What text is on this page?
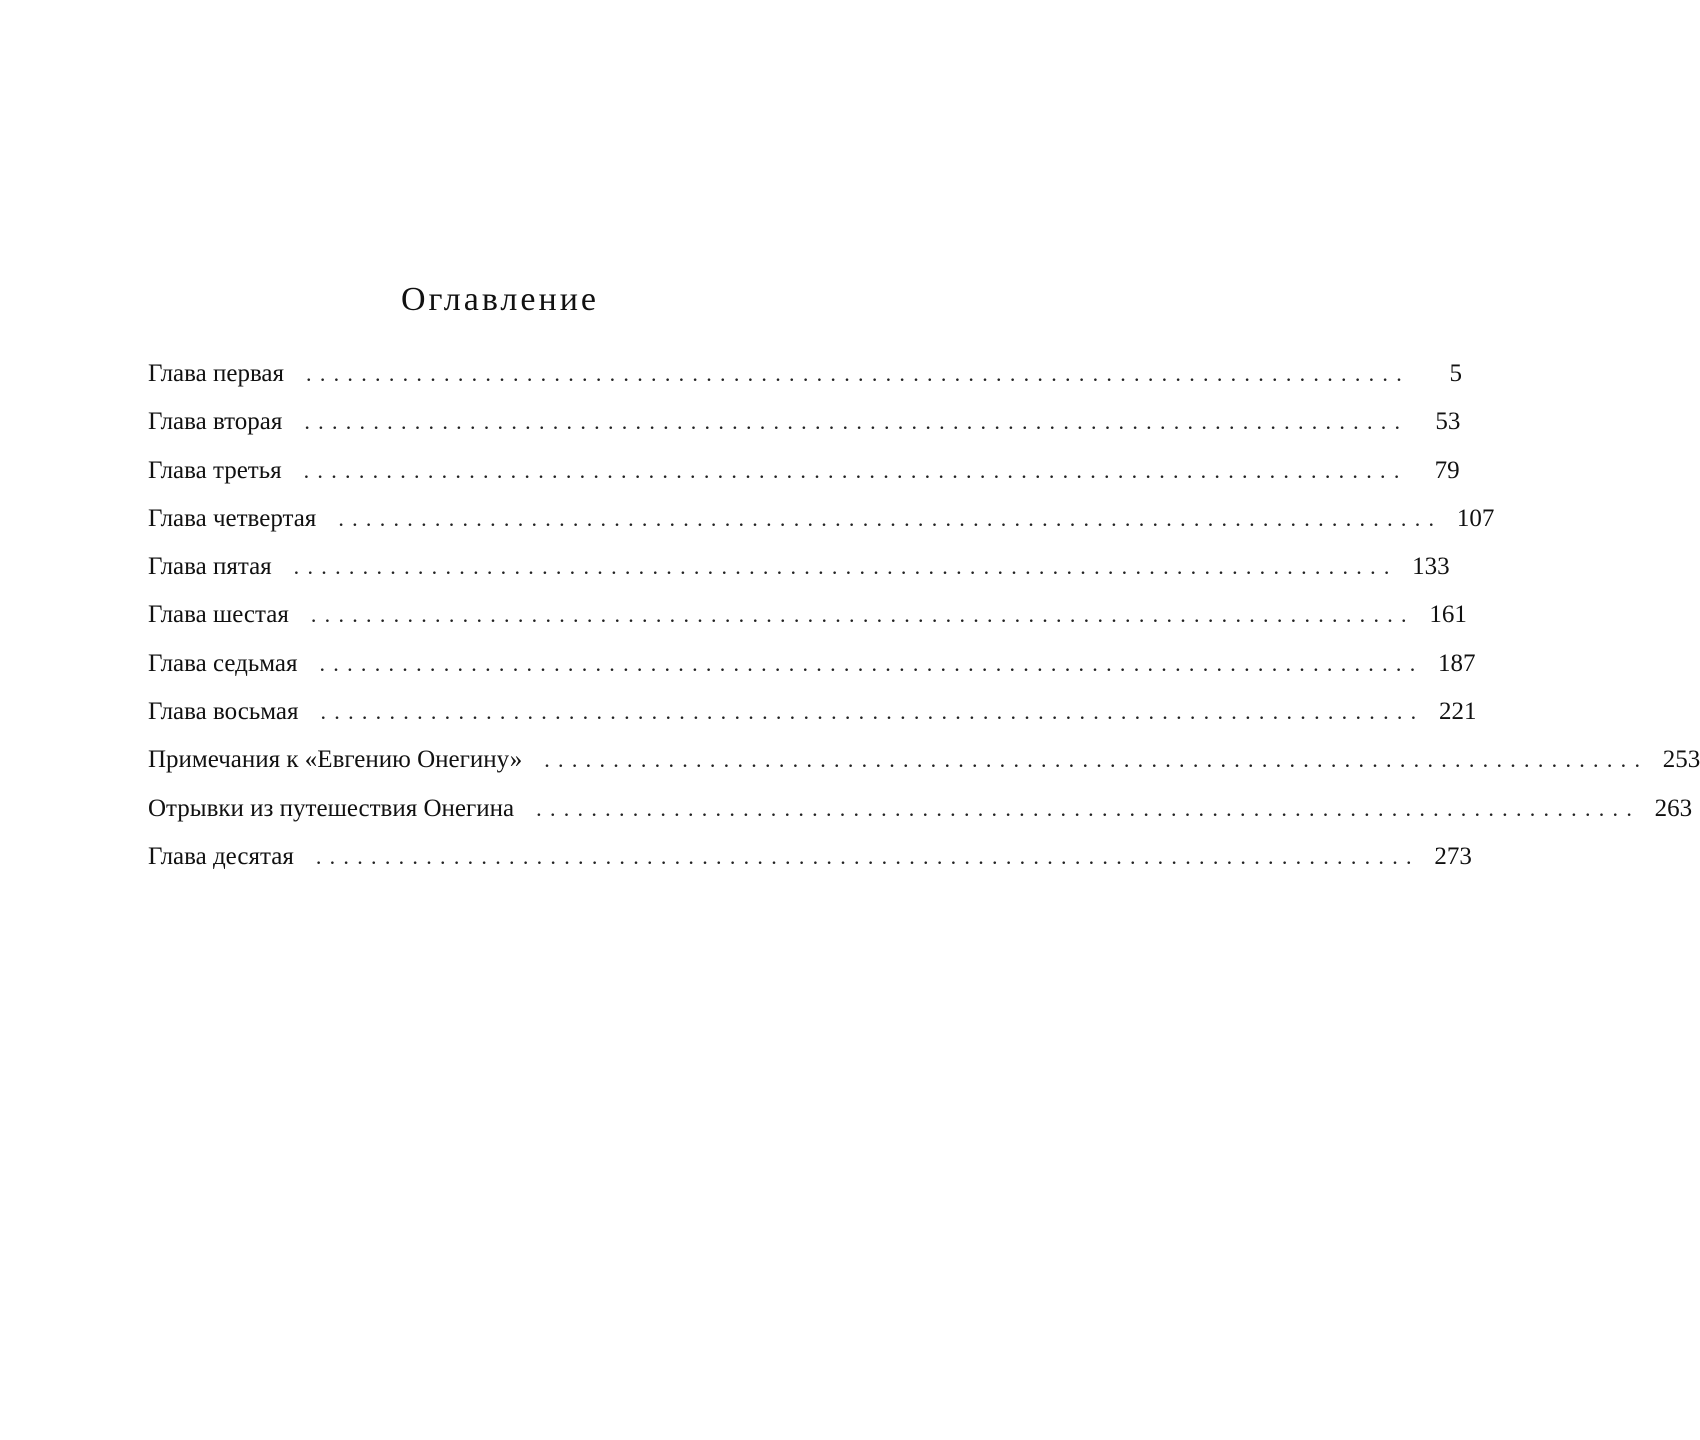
Оглавление
Глава первая	................................................................................	5
Глава вторая	................................................................................	53
Глава третья	................................................................................	79
Глава четвертая	................................................................................ 107
Глава пятая	................................................................................ 133
Глава шестая	................................................................................ 161
Глава седьмая	................................................................................ 187
Глава восьмая	................................................................................ 221
Примечания к «Евгению Онегину»	................................................................................ 253
Отрывки из путешествия Онегина	................................................................................ 263
Глава десятая	................................................................................ 273
